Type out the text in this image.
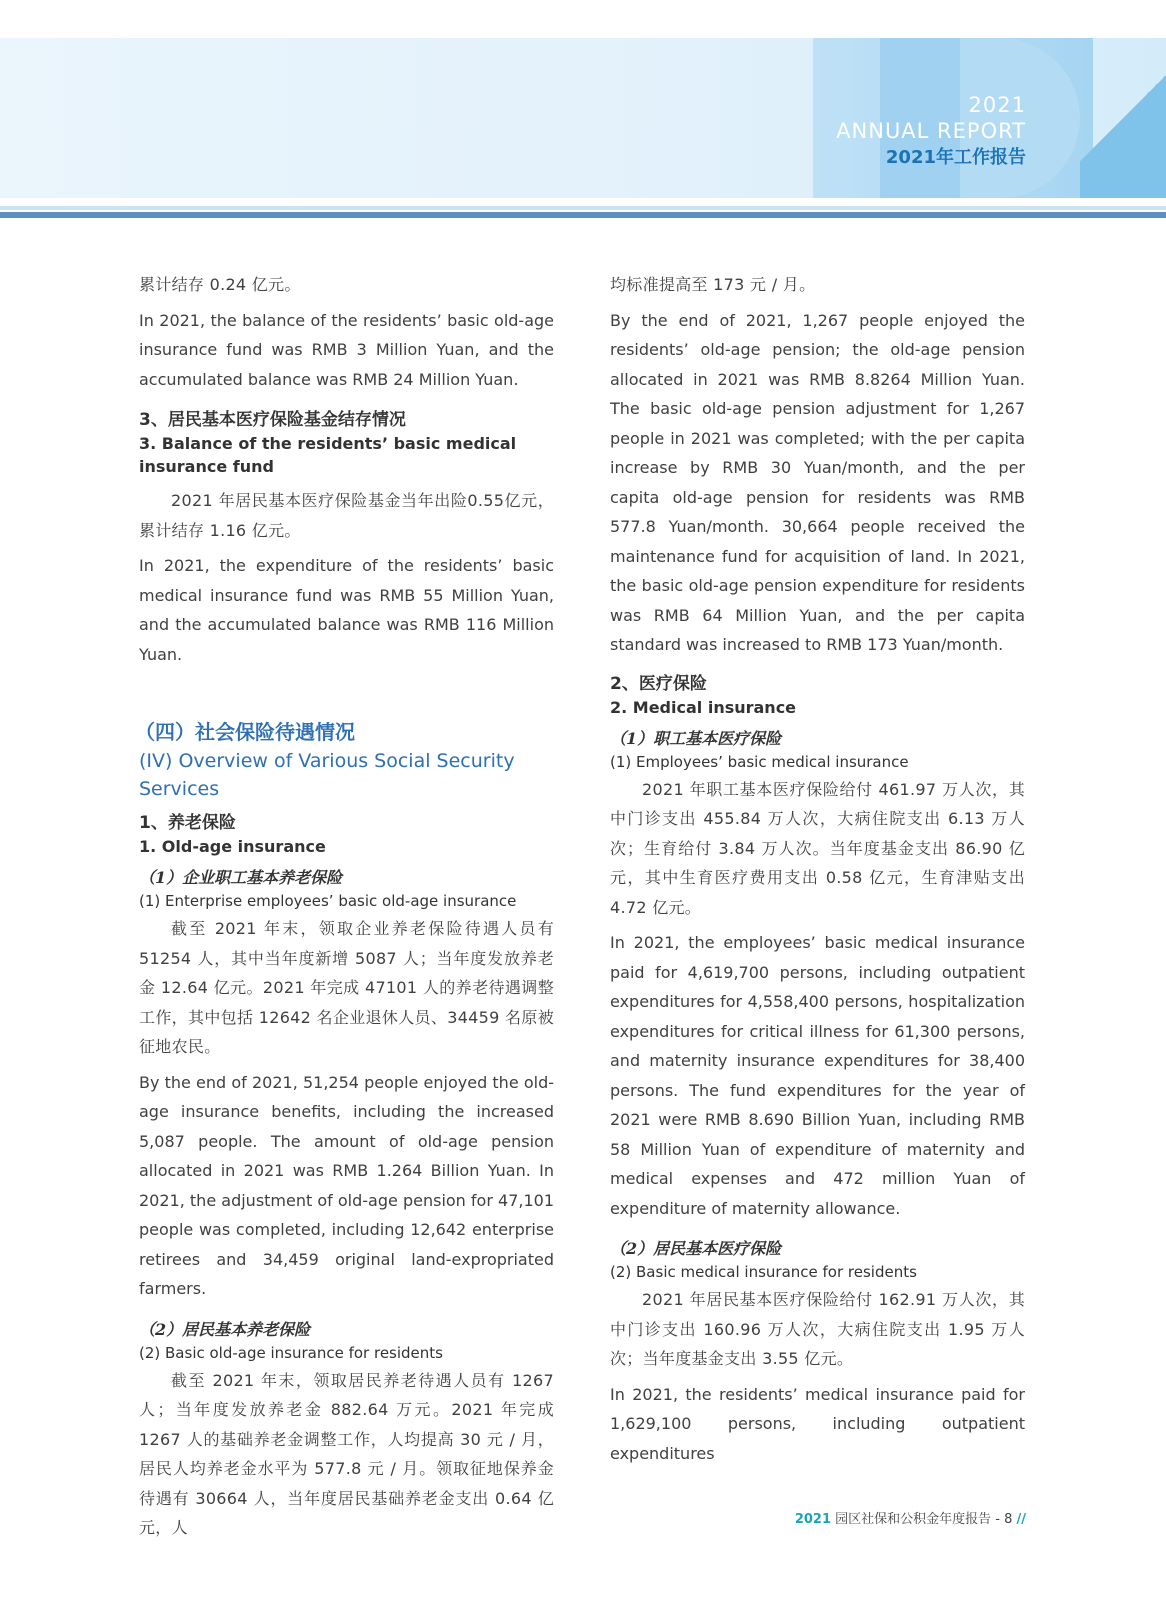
2021
ANNUAL REPORT
2021年工作报告

累计结存 0.24 亿元。

In 2021, the balance of the residents’ basic old-age insurance fund was RMB 3 Million Yuan, and the accumulated balance was RMB 24 Million Yuan.

3、居民基本医疗保险基金结存情况

3. Balance of the residents’ basic medical insurance fund

2021 年居民基本医疗保险基金当年出险0.55亿元，累计结存 1.16 亿元。

In 2021, the expenditure of the residents’ basic medical insurance fund was RMB 55 Million Yuan, and the accumulated balance was RMB 116 Million Yuan.

（四）社会保险待遇情况

(IV) Overview of Various Social Security Services

1、养老保险

1. Old-age insurance

（1）企业职工基本养老保险

(1) Enterprise employees’ basic old-age insurance

截至 2021 年末，领取企业养老保险待遇人员有 51254 人，其中当年度新增 5087 人；当年度发放养老金 12.64 亿元。2021 年完成 47101 人的养老待遇调整工作，其中包括 12642 名企业退休人员、34459 名原被征地农民。

By the end of 2021, 51,254 people enjoyed the old-age insurance benefits, including the increased 5,087 people. The amount of old-age pension allocated in 2021 was RMB 1.264 Billion Yuan. In 2021, the adjustment of old-age pension for 47,101 people was completed, including 12,642 enterprise retirees and 34,459 original land-expropriated farmers.

（2）居民基本养老保险

(2) Basic old-age insurance for residents

截至 2021 年末，领取居民养老待遇人员有 1267 人；当年度发放养老金 882.64 万元。2021 年完成 1267 人的基础养老金调整工作，人均提高 30 元 / 月，居民人均养老金水平为 577.8 元 / 月。领取征地保养金待遇有 30664 人，当年度居民基础养老金支出 0.64 亿元，人

均标准提高至 173 元 / 月。

By the end of 2021, 1,267 people enjoyed the residents’ old-age pension; the old-age pension allocated in 2021 was RMB 8.8264 Million Yuan. The basic old-age pension adjustment for 1,267 people in 2021 was completed; with the per capita increase by RMB 30 Yuan/month, and the per capita old-age pension for residents was RMB 577.8 Yuan/month. 30,664 people received the maintenance fund for acquisition of land. In 2021, the basic old-age pension expenditure for residents was RMB 64 Million Yuan, and the per capita standard was increased to RMB 173 Yuan/month.

2、医疗保险

2. Medical insurance

（1）职工基本医疗保险

(1) Employees’ basic medical insurance

2021 年职工基本医疗保险给付 461.97 万人次，其中门诊支出 455.84 万人次，大病住院支出 6.13 万人次；生育给付 3.84 万人次。当年度基金支出 86.90 亿元，其中生育医疗费用支出 0.58 亿元，生育津贴支出 4.72 亿元。

In 2021, the employees’ basic medical insurance paid for 4,619,700 persons, including outpatient expenditures for 4,558,400 persons, hospitalization expenditures for critical illness for 61,300 persons, and maternity insurance expenditures for 38,400 persons. The fund expenditures for the year of 2021 were RMB 8.690 Billion Yuan, including RMB 58 Million Yuan of expenditure of maternity and medical expenses and 472 million Yuan of expenditure of maternity allowance.

（2）居民基本医疗保险

(2) Basic medical insurance for residents

2021 年居民基本医疗保险给付 162.91 万人次，其中门诊支出 160.96 万人次，大病住院支出 1.95 万人次；当年度基金支出 3.55 亿元。

In 2021, the residents’ medical insurance paid for 1,629,100 persons, including outpatient expenditures

2021 园区社保和公积金年度报告 - 8 //
